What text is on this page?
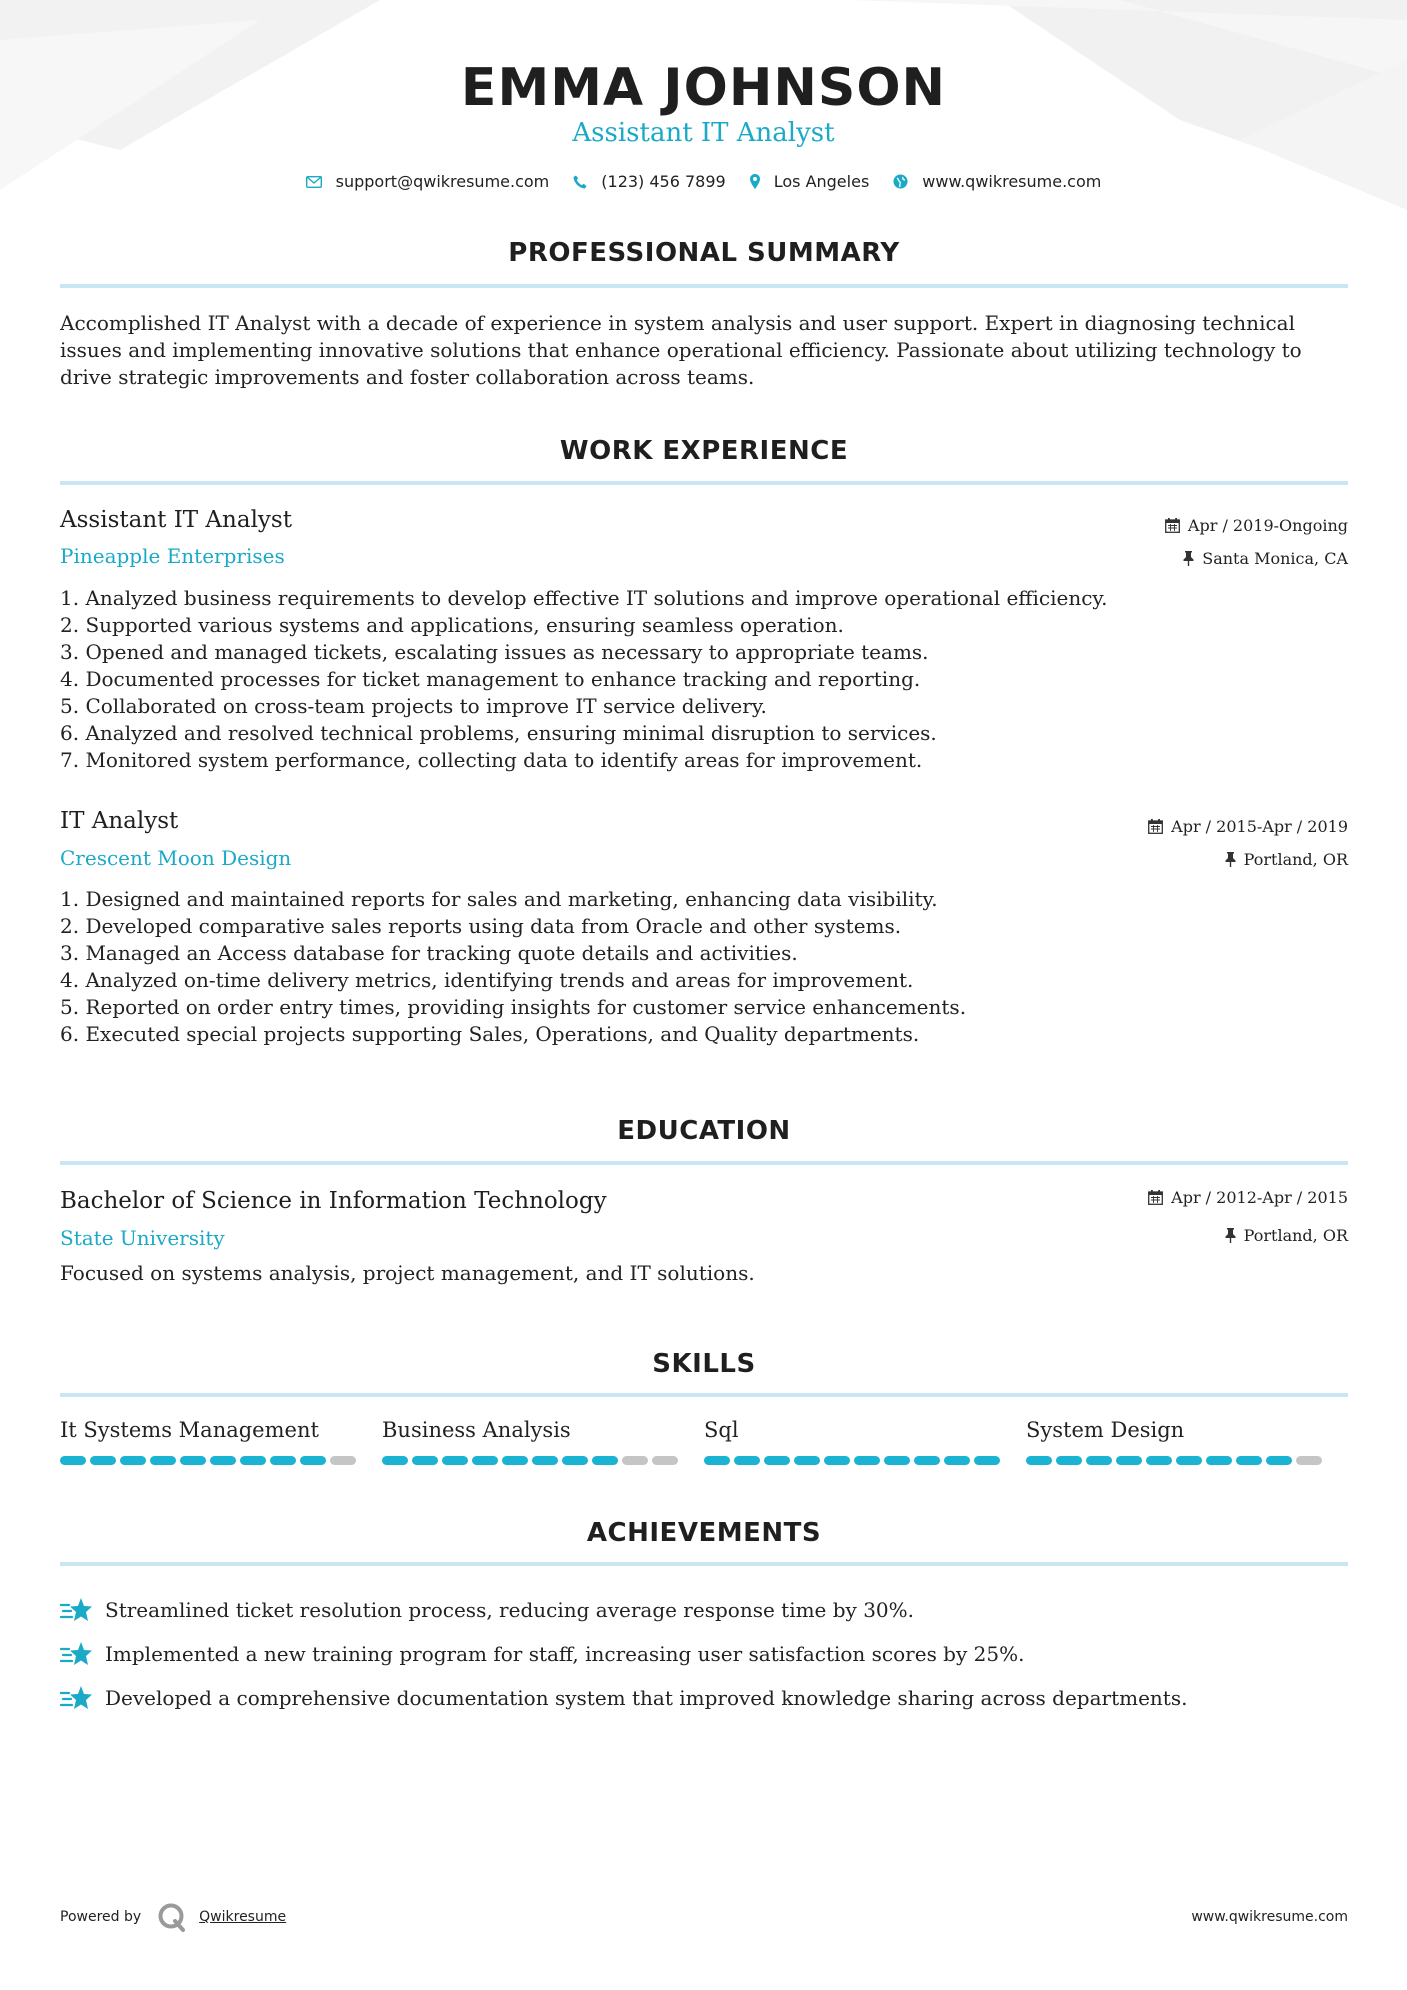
EMMA JOHNSON
Assistant IT Analyst
support@qwikresume.com	(123) 456 7899	Los Angeles	www.qwikresume.com
PROFESSIONAL SUMMARY
Accomplished IT Analyst with a decade of experience in system analysis and user support. Expert in diagnosing technical issues and implementing innovative solutions that enhance operational efficiency. Passionate about utilizing technology to drive strategic improvements and foster collaboration across teams.
WORK EXPERIENCE
Assistant IT Analyst
Pineapple Enterprises
Apr / 2019-Ongoing
Santa Monica, CA
1. Analyzed business requirements to develop effective IT solutions and improve operational efficiency.
2. Supported various systems and applications, ensuring seamless operation.
3. Opened and managed tickets, escalating issues as necessary to appropriate teams.
4. Documented processes for ticket management to enhance tracking and reporting.
5. Collaborated on cross-team projects to improve IT service delivery.
6. Analyzed and resolved technical problems, ensuring minimal disruption to services.
7. Monitored system performance, collecting data to identify areas for improvement.
IT Analyst
Crescent Moon Design
Apr / 2015-Apr / 2019
Portland, OR
1. Designed and maintained reports for sales and marketing, enhancing data visibility.
2. Developed comparative sales reports using data from Oracle and other systems.
3. Managed an Access database for tracking quote details and activities.
4. Analyzed on-time delivery metrics, identifying trends and areas for improvement.
5. Reported on order entry times, providing insights for customer service enhancements.
6. Executed special projects supporting Sales, Operations, and Quality departments.
EDUCATION
Bachelor of Science in Information Technology
State University
Apr / 2012-Apr / 2015
Portland, OR
Focused on systems analysis, project management, and IT solutions.
SKILLS
It Systems Management	Business Analysis	Sql	System Design
ACHIEVEMENTS
Streamlined ticket resolution process, reducing average response time by 30%.
Implemented a new training program for staff, increasing user satisfaction scores by 25%.
Developed a comprehensive documentation system that improved knowledge sharing across departments.
Powered by	Qwikresume	www.qwikresume.com
